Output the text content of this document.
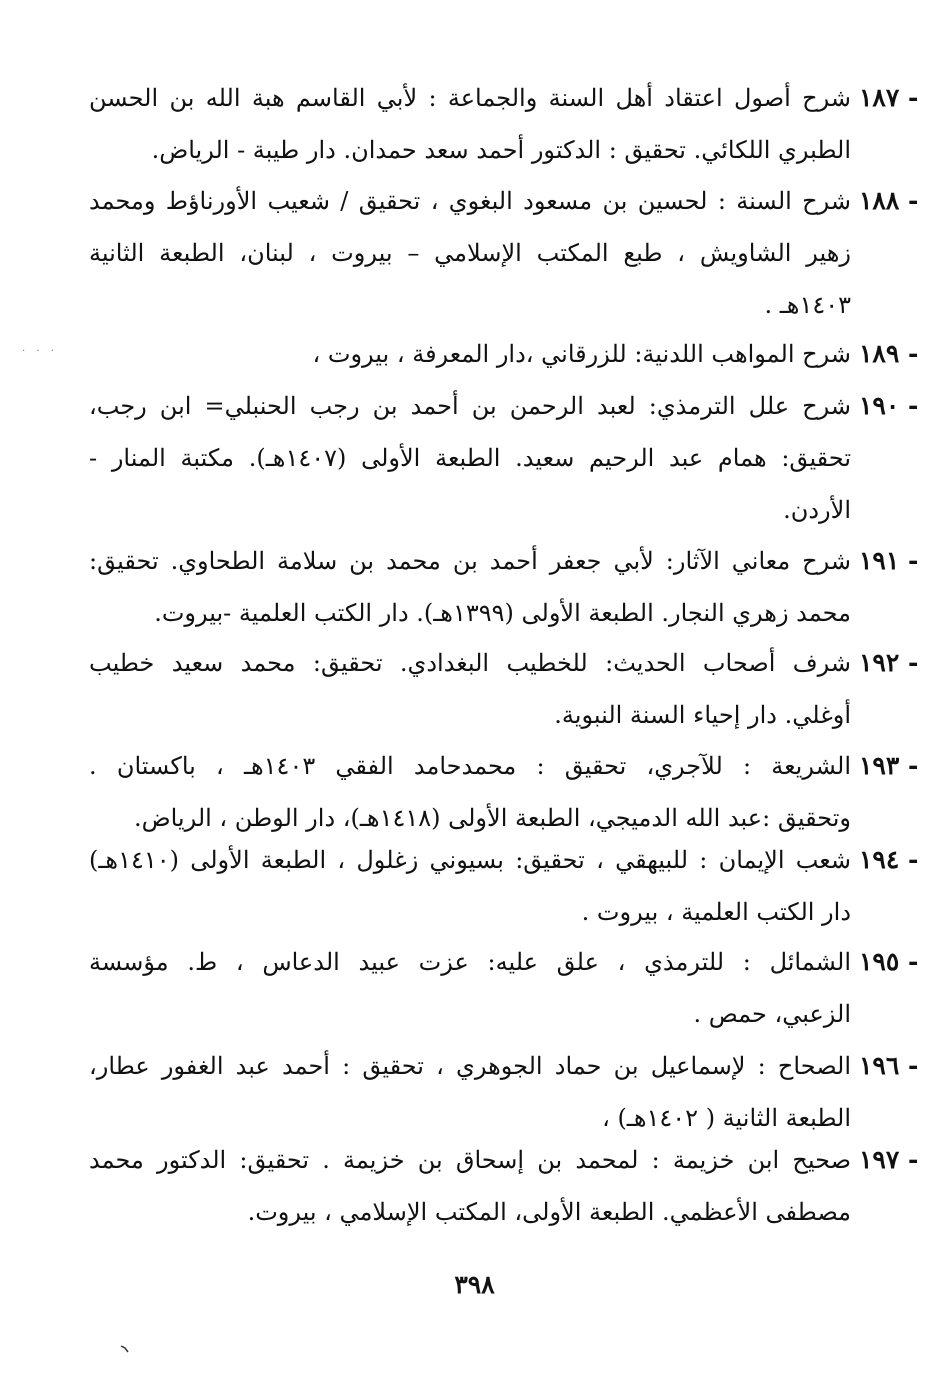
١٨٧ -
شرح أصول اعتقاد أهل السنة والجماعة : لأبي القاسم هبة الله بن الحسن
الطبري اللكائي. تحقيق : الدكتور أحمد سعد حمدان. دار طيبة - الرياض.
١٨٨ -
شرح السنة : لحسين بن مسعود البغوي ، تحقيق / شعيب الأورناؤط ومحمد
زهير الشاويش ، طبع المكتب الإسلامي – بيروت ، لبنان، الطبعة الثانية
١٤٠٣هـ .
١٨٩ -
شرح المواهب اللدنية: للزرقاني ،دار المعرفة ، بيروت ،
١٩٠ -
شرح علل الترمذي: لعبد الرحمن بن أحمد بن رجب الحنبلي= ابن رجب،
تحقيق: همام عبد الرحيم سعيد. الطبعة الأولى (١٤٠٧هـ). مكتبة المنار -
الأردن.
١٩١ -
شرح معاني الآثار: لأبي جعفر أحمد بن محمد بن سلامة الطحاوي. تحقيق:
محمد زهري النجار. الطبعة الأولى (١٣٩٩هـ). دار الكتب العلمية -بيروت.
١٩٢ -
شرف أصحاب الحديث: للخطيب البغدادي. تحقيق: محمد سعيد خطيب
أوغلي. دار إحياء السنة النبوية.
١٩٣ -
الشريعة : للآجري، تحقيق : محمدحامد الفقي ١٤٠٣هـ ، باكستان .
وتحقيق :عبد الله الدميجي، الطبعة الأولى (١٤١٨هـ)، دار الوطن ، الرياض.
١٩٤ -
شعب الإيمان : للبيهقي ، تحقيق: بسيوني زغلول ، الطبعة الأولى (١٤١٠هـ)
دار الكتب العلمية ، بيروت .
١٩٥ -
الشمائل : للترمذي ، علق عليه: عزت عبيد الدعاس ، ط. مؤسسة
الزعبي، حمص .
١٩٦ -
الصحاح : لإسماعيل بن حماد الجوهري ، تحقيق : أحمد عبد الغفور عطار،
الطبعة الثانية ( ١٤٠٢هـ) ،
١٩٧ -
صحيح ابن خزيمة : لمحمد بن إسحاق بن خزيمة . تحقيق: الدكتور محمد
مصطفى الأعظمي. الطبعة الأولى، المكتب الإسلامي ، بيروت.
٣٩٨
· · ·
